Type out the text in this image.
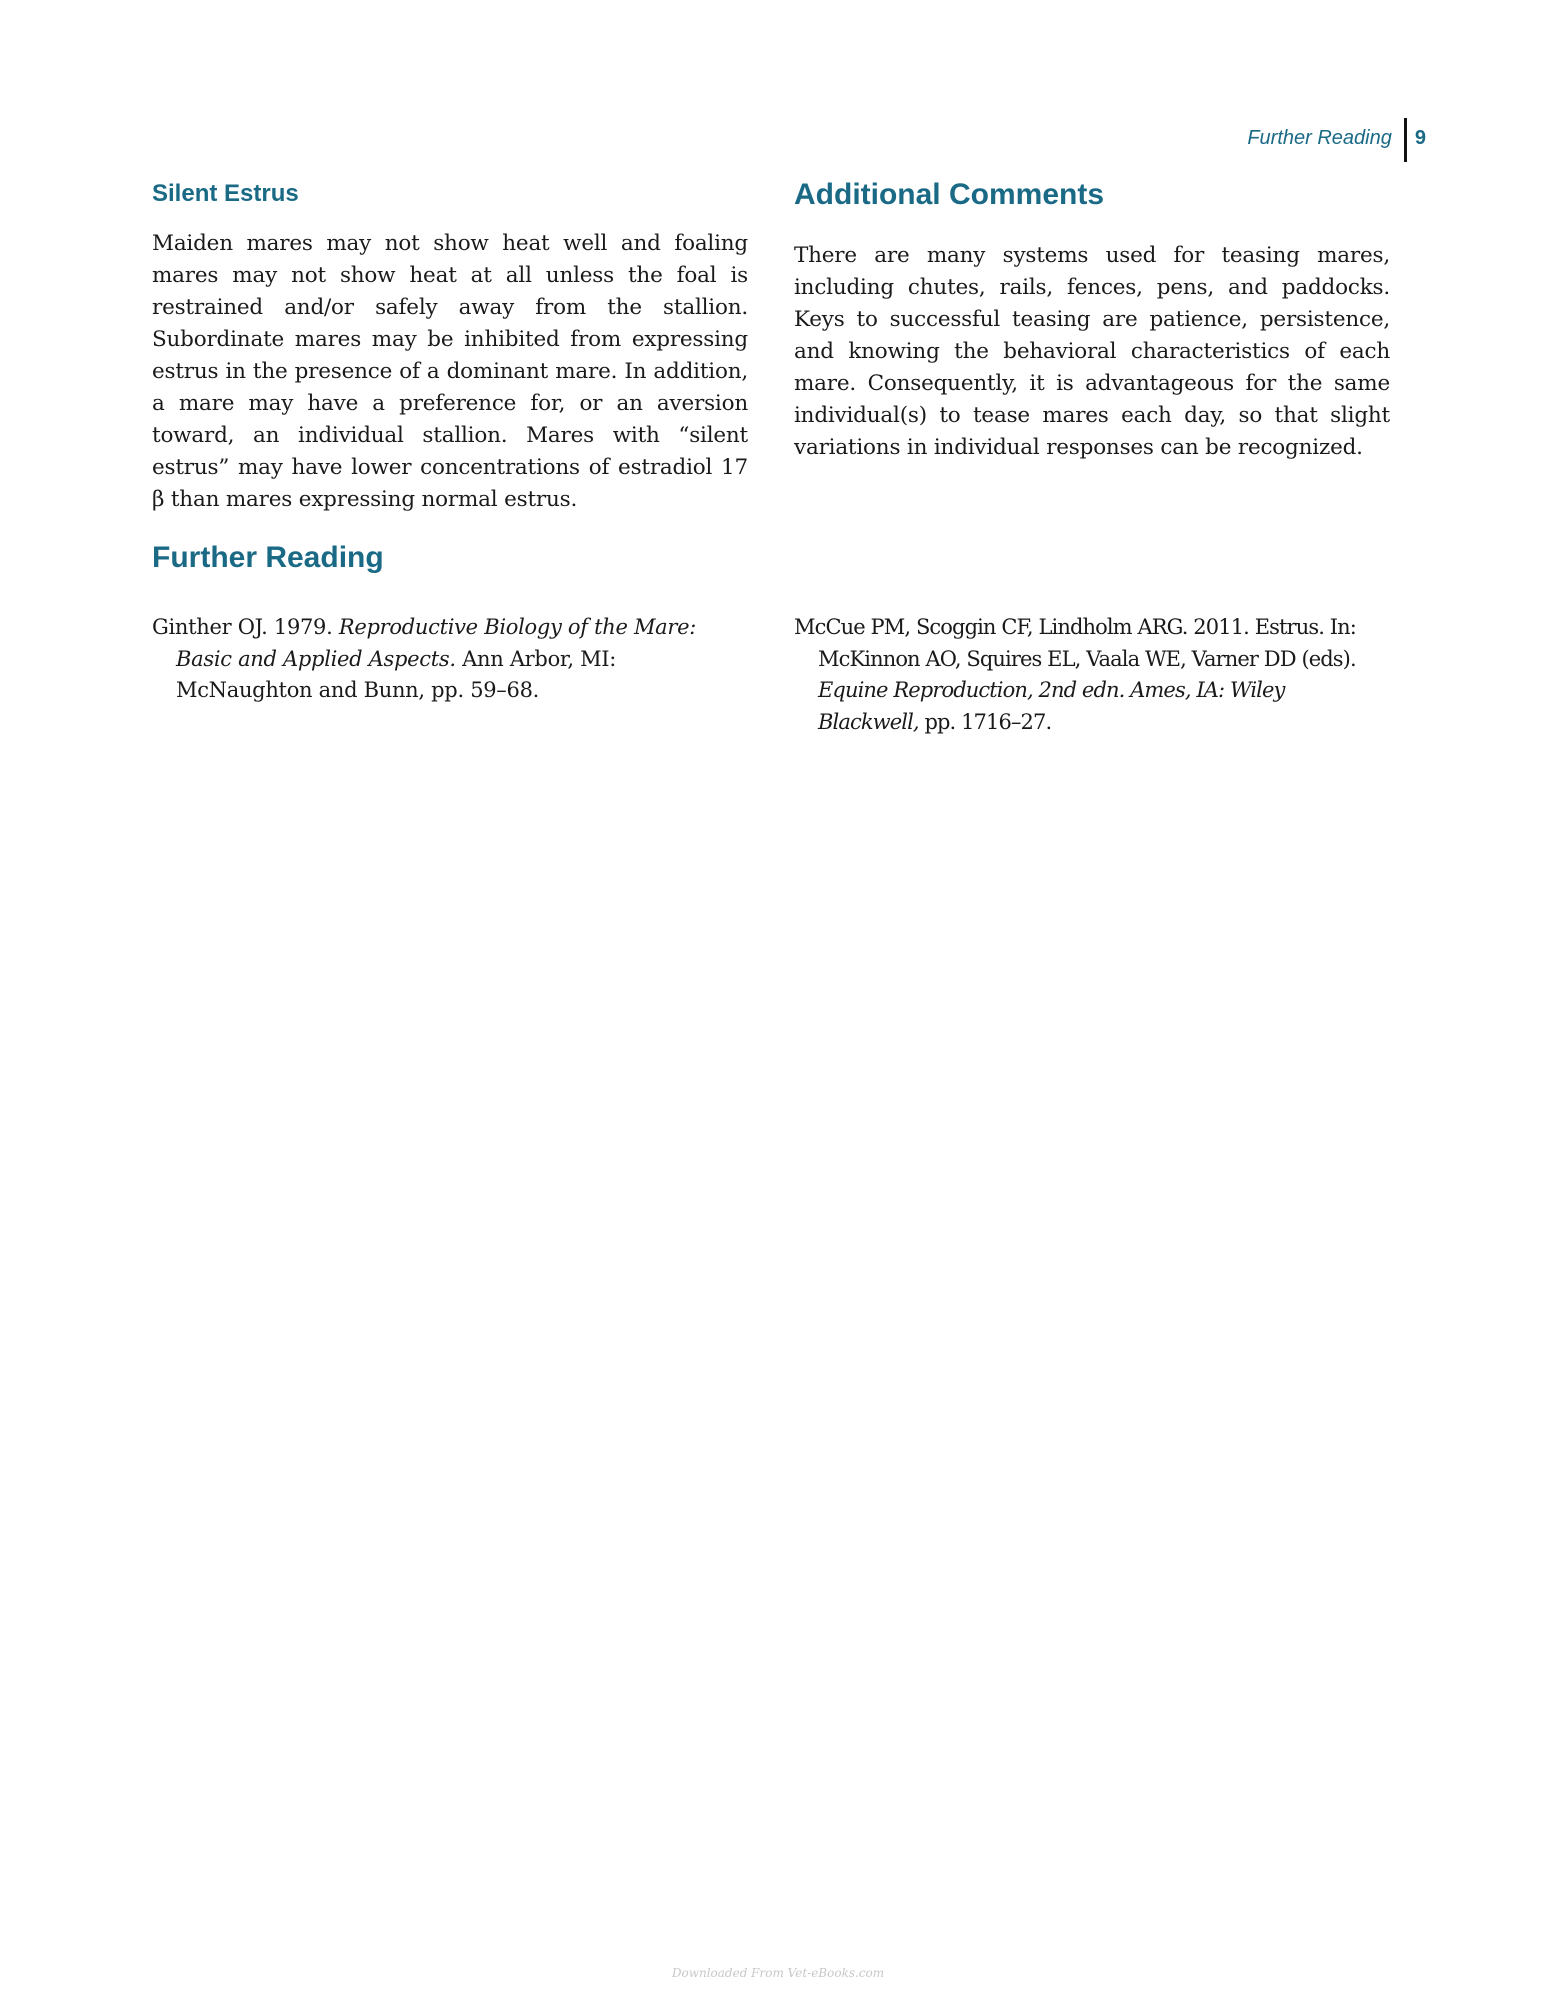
Further Reading	9
Silent Estrus

Maiden mares may not show heat well and foaling mares may not show heat at all unless the foal is restrained and/or safely away from the stallion. Subordinate mares may be inhibited from expressing estrus in the presence of a dominant mare. In addition, a mare may have a preference for, or an aversion toward, an individual stallion. Mares with “silent estrus” may have lower concentrations of estradiol 17 β than mares expressing normal estrus.

Additional Comments

There are many systems used for teasing mares, including chutes, rails, fences, pens, and paddocks. Keys to successful teasing are patience, persistence, and knowing the behavioral characteristics of each mare. Consequently, it is advantageous for the same individual(s) to tease mares each day, so that slight variations in individual responses can be recognized.

Further Reading

Ginther OJ. 1979. Reproductive Biology of the Mare: Basic and Applied Aspects. Ann Arbor, MI: McNaughton and Bunn, pp. 59–68.

McCue PM, Scoggin CF, Lindholm ARG. 2011. Estrus. In: McKinnon AO, Squires EL, Vaala WE, Varner DD (eds). Equine Reproduction, 2nd edn. Ames, IA: Wiley Blackwell, pp. 1716–27.

Downloaded From Vet-eBooks.com
